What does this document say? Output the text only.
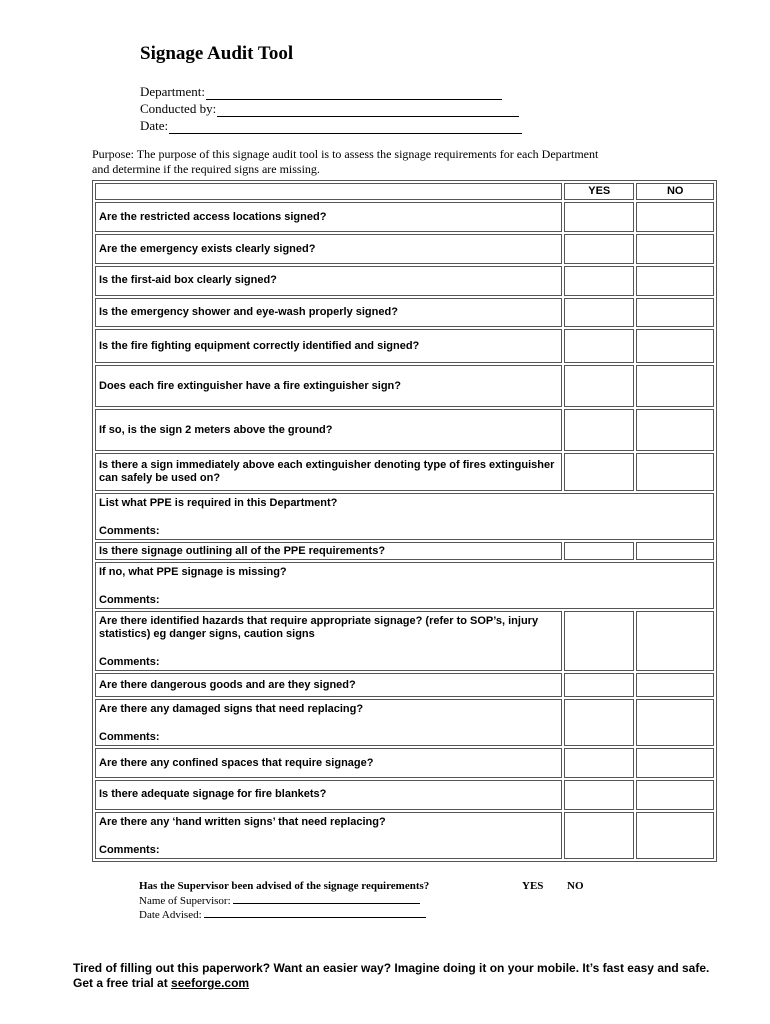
Signage Audit Tool
Department:
Conducted by:
Date:
Purpose: The purpose of this signage audit tool is to assess the signage requirements for each Department and determine if the required signs are missing.
	YES	NO
Are the restricted access locations signed?		
Are the emergency exists clearly signed?		
Is the first-aid box clearly signed?		
Is the emergency shower and eye-wash properly signed?		
Is the fire fighting equipment correctly identified and signed?		
Does each fire extinguisher have a fire extinguisher sign?		
If so, is the sign 2 meters above the ground?		
Is there a sign immediately above each extinguisher denoting type of fires extinguisher can safely be used on?		
List what PPE is required in this Department?
Comments:		

Is there signage outlining all of the PPE requirements?		
If no, what PPE signage is missing?
Comments:		

Are there identified hazards that require appropriate signage? (refer to SOP’s, injury statistics) eg danger signs, caution signs
Comments:		

Are there dangerous goods and are they signed?		
Are there any damaged signs that need replacing?
Comments:		

Are there any confined spaces that require signage?		
Is there adequate signage for fire blankets?		
Are there any ‘hand written signs’ that need replacing?
Comments:		

Has the Supervisor been advised of the signage requirements?
Name of Supervisor:
Date Advised:
YES NO
Tired of filling out this paperwork? Want an easier way? Imagine doing it on your mobile. It’s fast easy and safe.
Get a free trial at seeforge.com
